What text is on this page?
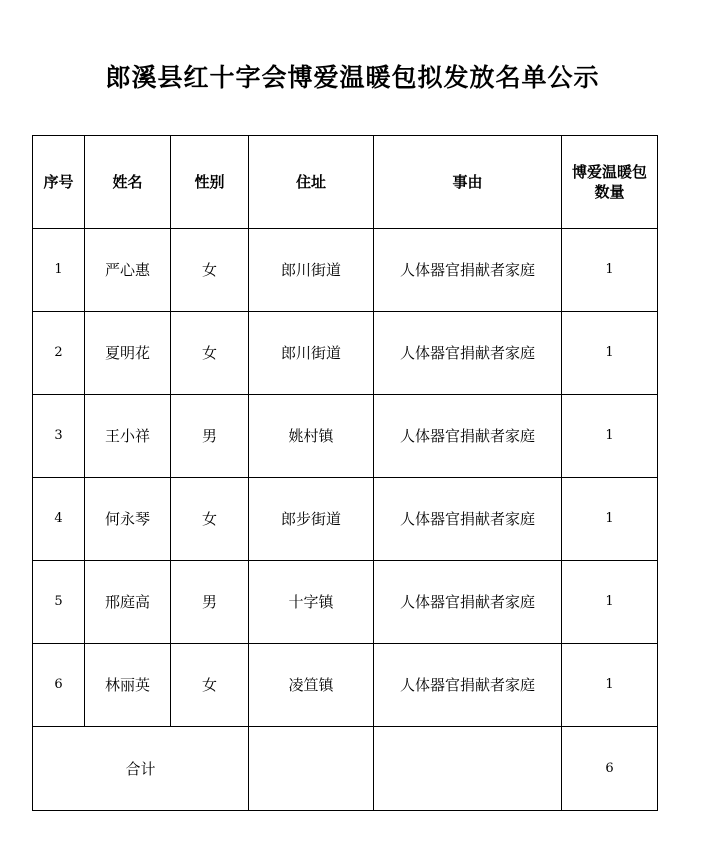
郎溪县红十字会博爱温暖包拟发放名单公示
序号	姓名	性别	住址	事由	博爱温暖包
数量

1	严心惠	女	郎川街道	人体器官捐献者家庭	1
2	夏明花	女	郎川街道	人体器官捐献者家庭	1
3	王小祥	男	姚村镇	人体器官捐献者家庭	1
4	何永琴	女	郎步街道	人体器官捐献者家庭	1
5	邢庭高	男	十字镇	人体器官捐献者家庭	1
6	林丽英	女	凌笪镇	人体器官捐献者家庭	1
合计					6
